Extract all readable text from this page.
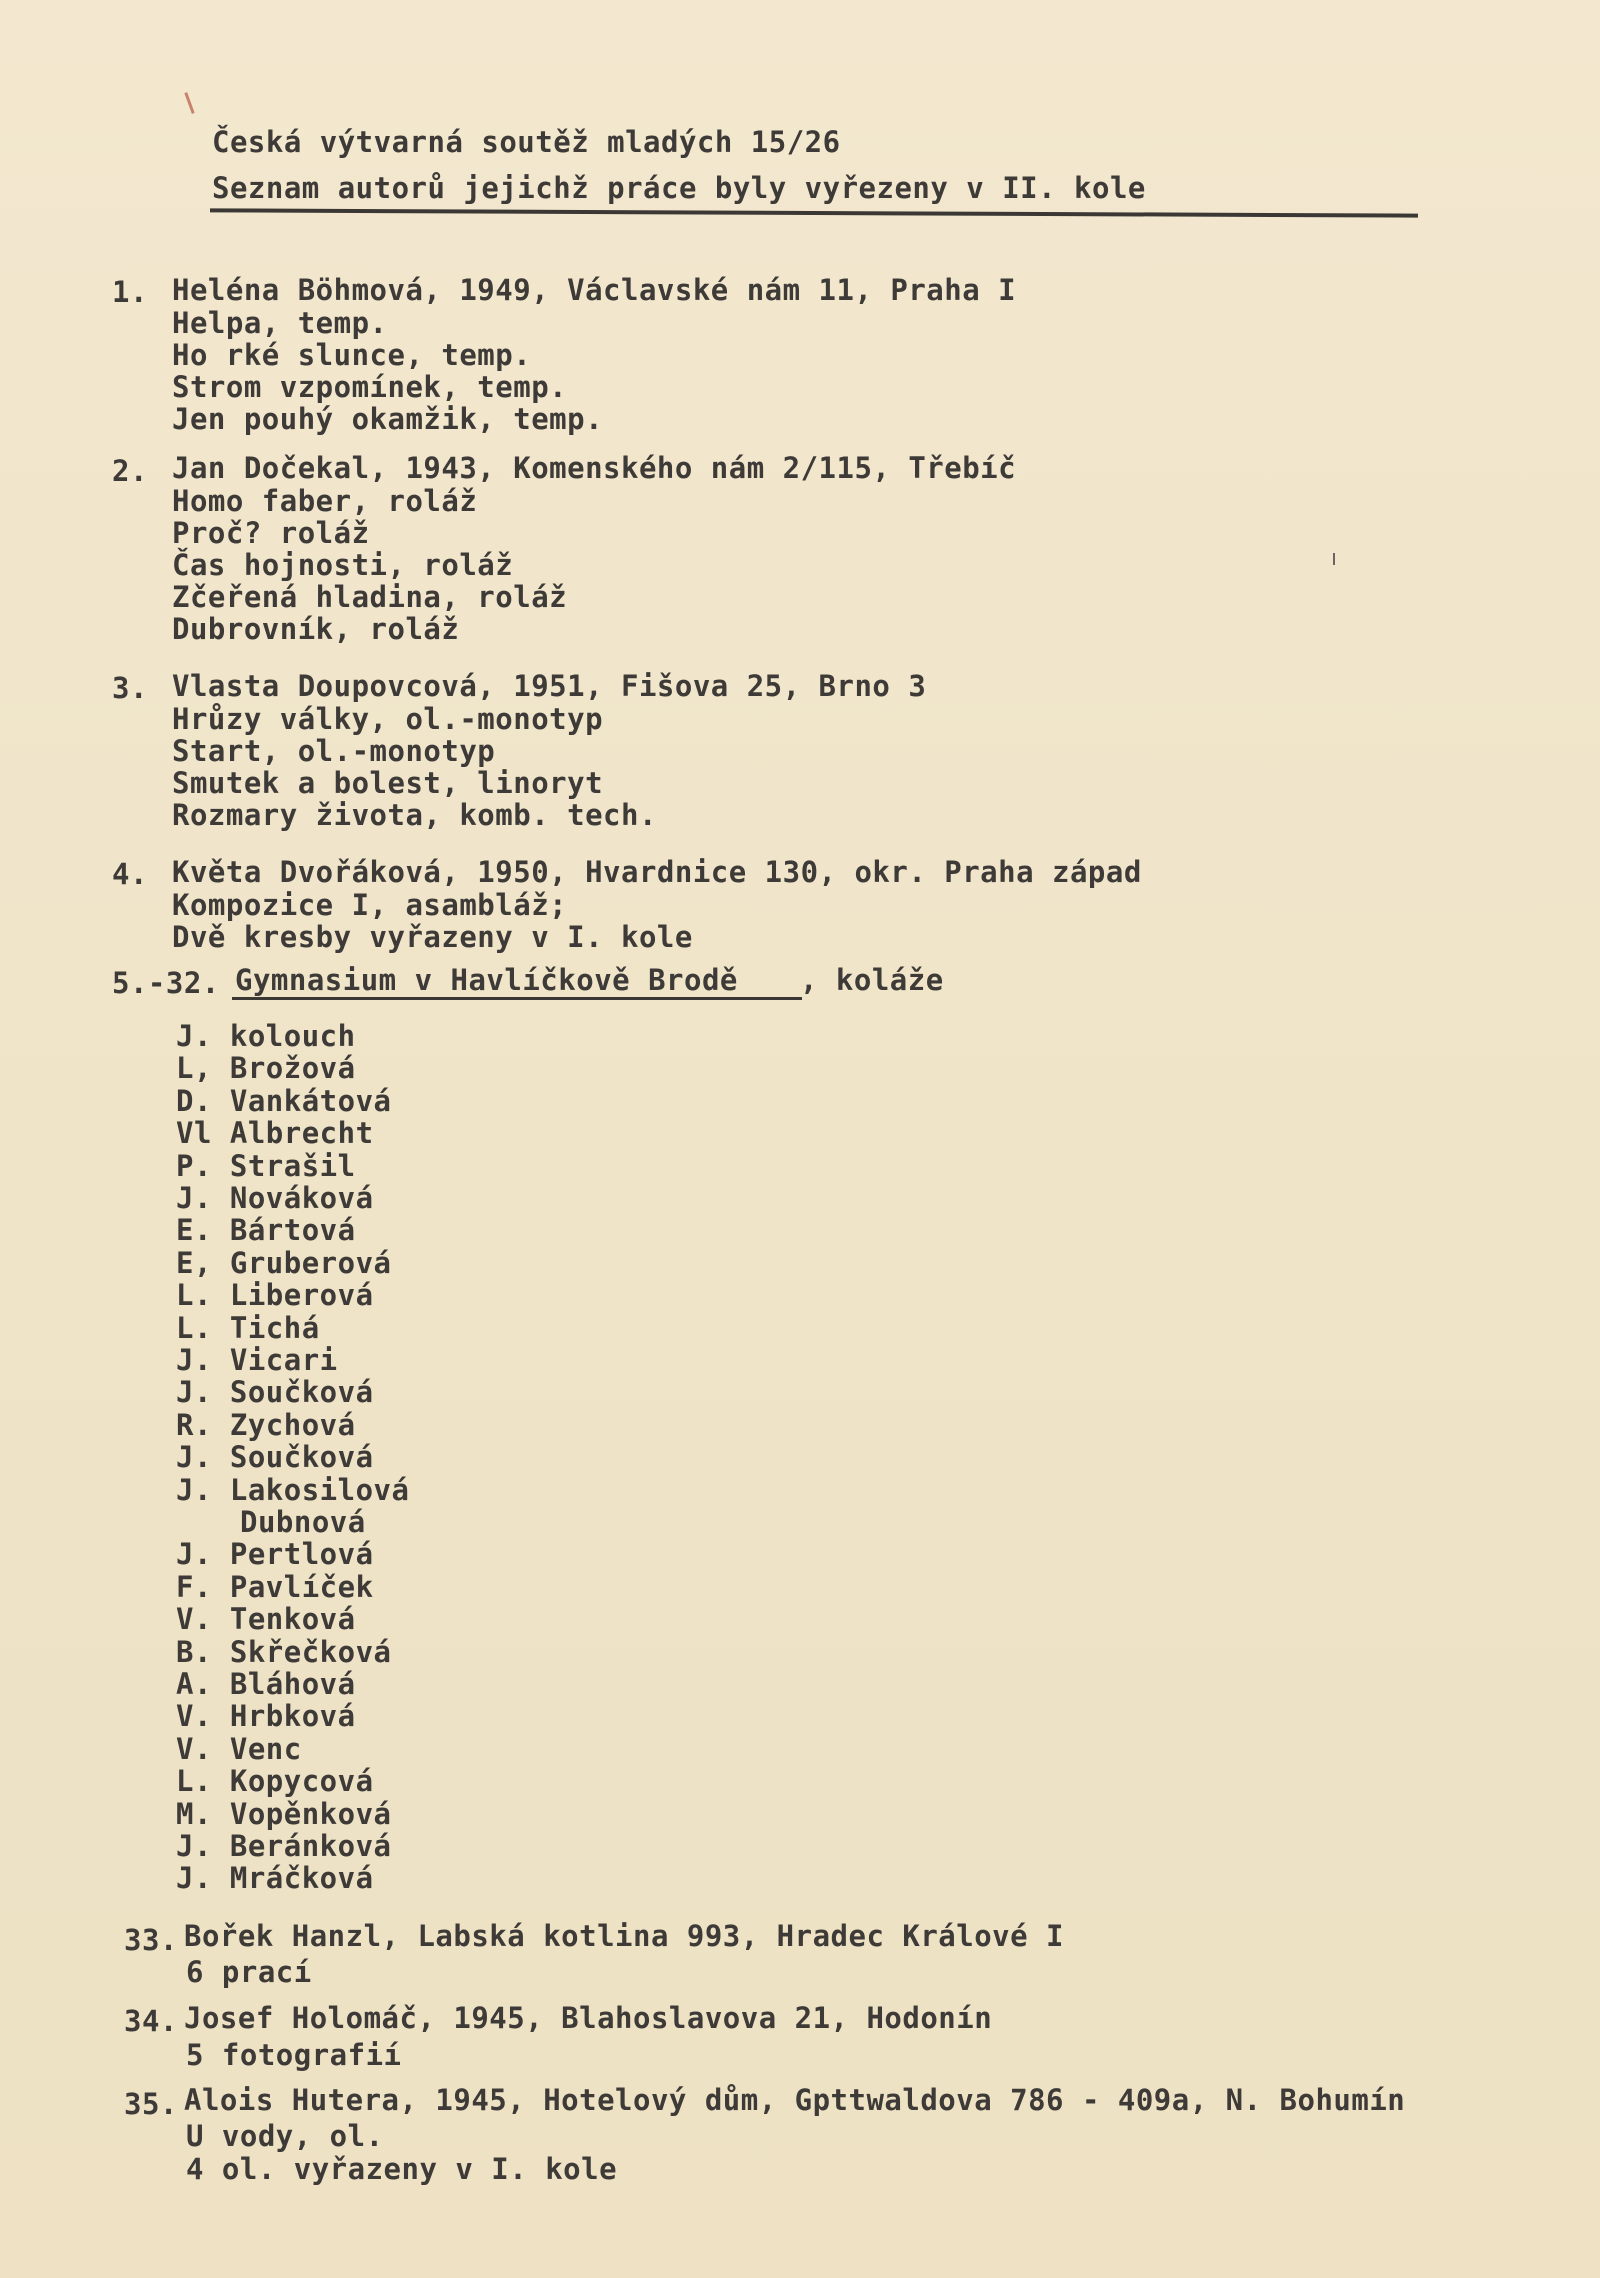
Česká výtvarná soutěž mladých 15/26
Seznam autorů jejichž práce byly vyřezeny v II. kole
1. Heléna Böhmová, 1949, Václavské nám 11, Praha I
Helpa, temp.
Ho rké slunce, temp.
Strom vzpomínek, temp.
Jen pouhý okamžik, temp.
2. Jan Dočekal, 1943, Komenského nám 2/115, Třebíč
Homo faber, roláž
Proč? roláž
Čas hojnosti, roláž
Zčeřená hladina, roláž
Dubrovník, roláž
3. Vlasta Doupovcová, 1951, Fišova 25, Brno 3
Hrůzy války, ol.-monotyp
Start, ol.-monotyp
Smutek a bolest, linoryt
Rozmary života, komb. tech.
4. Květa Dvořáková, 1950, Hvardnice 130, okr. Praha západ
Kompozice I, asambláž;
Dvě kresby vyřazeny v I. kole
5.-32. Gymnasium v Havlíčkově Brodě , koláže
J. kolouch
L, Brožová
D. Vankátová
Vl Albrecht
P. Strašil
J. Nováková
E. Bártová
E, Gruberová
L. Liberová
L. Tichá
J. Vicari
J. Součková
R. Zychová
J. Součková
J. Lakosilová
Dubnová
J. Pertlová
F. Pavlíček
V. Tenková
B. Skřečková
A. Bláhová
V. Hrbková
V. Venc
L. Kopycová
M. Vopěnková
J. Beránková
J. Mráčková
33. Bořek Hanzl, Labská kotlina 993, Hradec Králové I
6 prací
34. Josef Holomáč, 1945, Blahoslavova 21, Hodonín
5 fotografií
35. Alois Hutera, 1945, Hotelový dům, Gpttwaldova 786 - 409a, N. Bohumín
U vody, ol.
4 ol. vyřazeny v I. kole
